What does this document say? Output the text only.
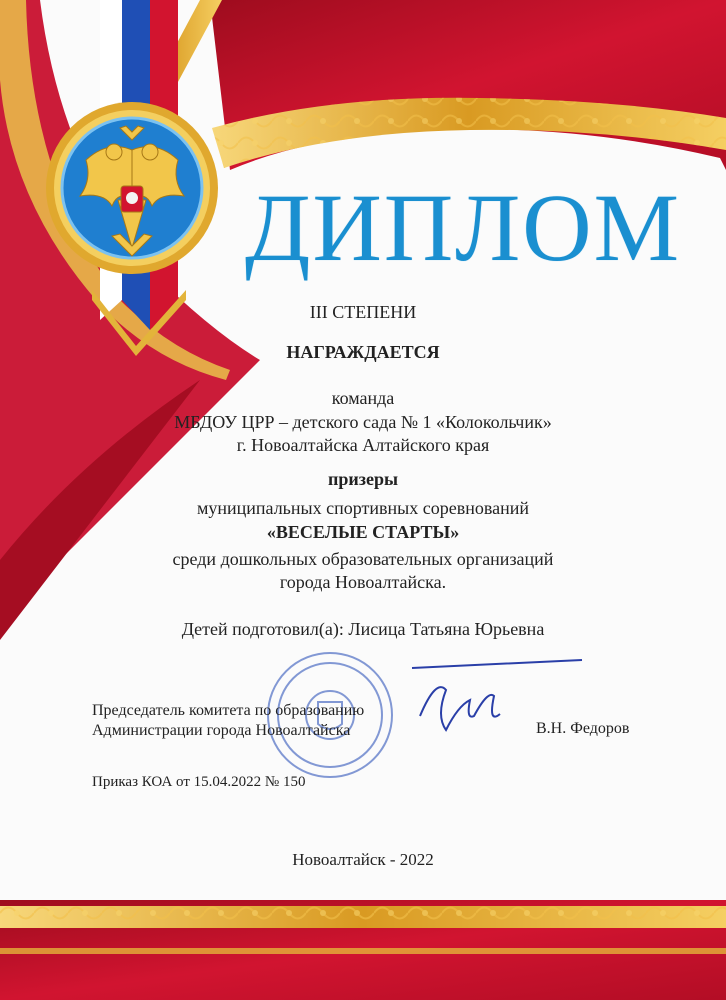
ДИПЛОМ
III СТЕПЕНИ
НАГРАЖДАЕТСЯ
команда
МБДОУ ЦРР – детского сада № 1 «Колокольчик»
г. Новоалтайска Алтайского края
призеры
муниципальных спортивных соревнований
«ВЕСЕЛЫЕ СТАРТЫ»
среди дошкольных образовательных организаций
города Новоалтайска.
Детей подготовил(а): Лисица Татьяна Юрьевна
Председатель комитета по образованию
Администрации города Новоалтайска	В.Н. Федоров
Приказ КОА от 15.04.2022 № 150
Новоалтайск - 2022
